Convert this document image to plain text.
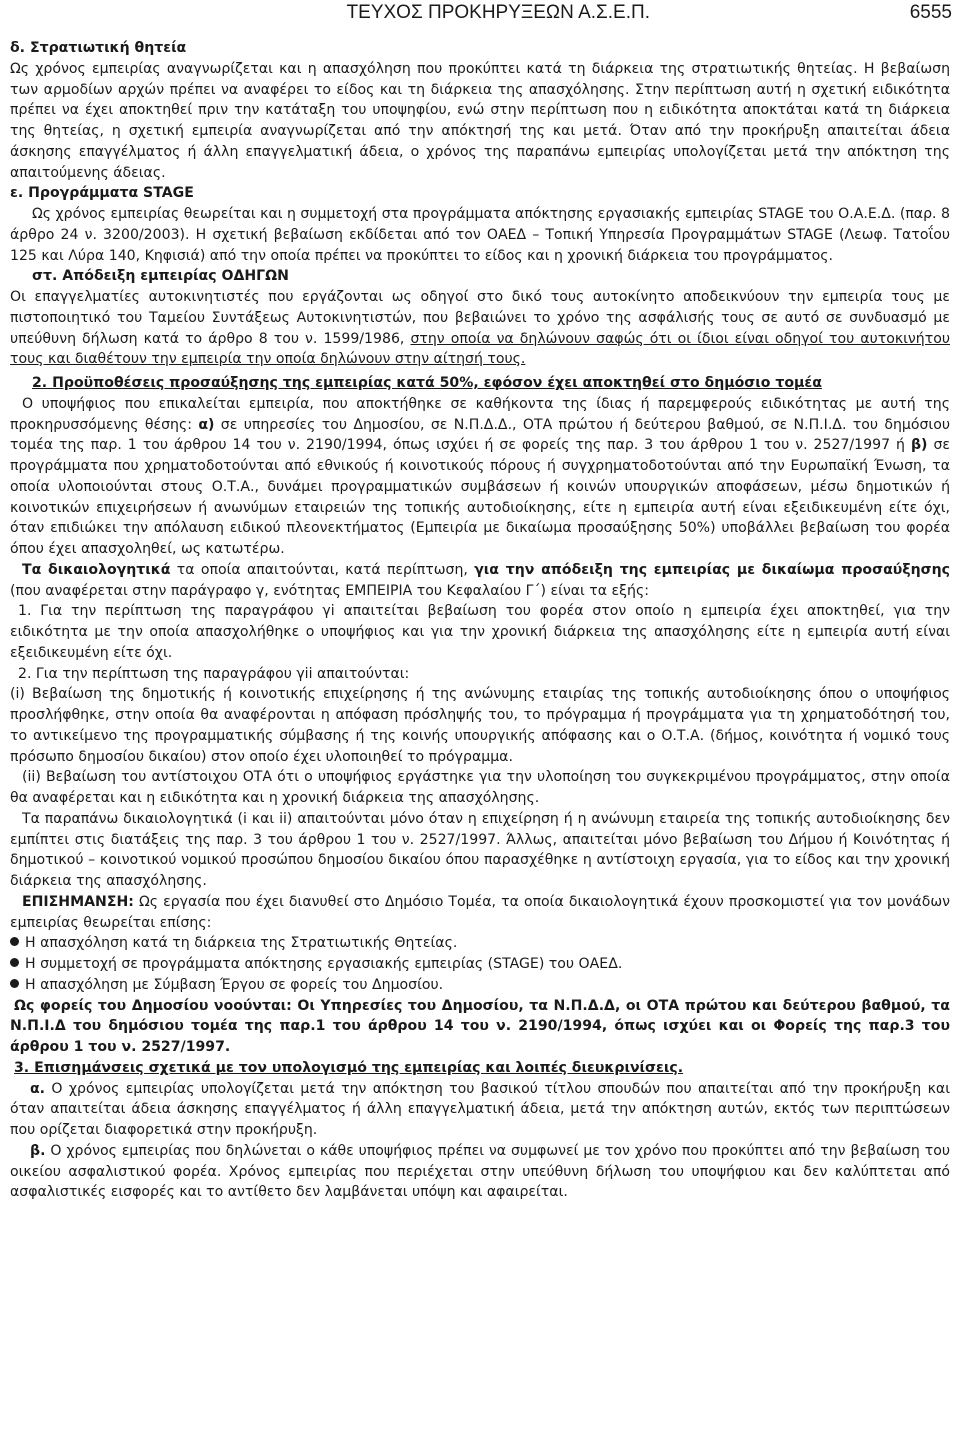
ΤΕΥΧΟΣ ΠΡΟΚΗΡΥΞΕΩΝ Α.Σ.Ε.Π.	6555

δ. Στρατιωτική θητεία

Ως χρόνος εμπειρίας αναγνωρίζεται και η απασχόληση που προκύπτει κατά τη διάρκεια της στρατιωτικής θητείας. Η βεβαίωση των αρμοδίων αρχών πρέπει να αναφέρει το είδος και τη διάρκεια της απασχόλησης. Στην περίπτωση αυτή η σχετική ειδικότητα πρέπει να έχει αποκτηθεί πριν την κατάταξη του υποψηφίου, ενώ στην περίπτωση που η ειδικότητα αποκτάται κατά τη διάρκεια της θητείας, η σχετική εμπειρία αναγνωρίζεται από την απόκτησή της και μετά. Όταν από την προκήρυξη απαιτείται άδεια άσκησης επαγγέλματος ή άλλη επαγγελματική άδεια, ο χρόνος της παραπάνω εμπειρίας υπολογίζεται μετά την απόκτηση της απαιτούμενης άδειας.

ε. Προγράμματα STAGE

Ως χρόνος εμπειρίας θεωρείται και η συμμετοχή στα προγράμματα απόκτησης εργασιακής εμπειρίας STAGE του Ο.Α.Ε.Δ. (παρ. 8 άρθρο 24 ν. 3200/2003). Η σχετική βεβαίωση εκδίδεται από τον ΟΑΕΔ – Τοπική Υπηρεσία Προγραμμάτων STAGE (Λεωφ. Τατοΐου 125 και Λύρα 140, Κηφισιά) από την οποία πρέπει να προκύπτει το είδος και η χρονική διάρκεια του προγράμματος.

στ. Απόδειξη εμπειρίας ΟΔΗΓΩΝ

Οι επαγγελματίες αυτοκινητιστές που εργάζονται ως οδηγοί στο δικό τους αυτοκίνητο αποδεικνύουν την εμπειρία τους με πιστοποιητικό του Ταμείου Συντάξεως Αυτοκινητιστών, που βεβαιώνει το χρόνο της ασφάλισής τους σε αυτό σε συνδυασμό με υπεύθυνη δήλωση κατά το άρθρο 8 του ν. 1599/1986, στην οποία να δηλώνουν σαφώς ότι οι ίδιοι είναι οδηγοί του αυτοκινήτου τους και διαθέτουν την εμπειρία την οποία δηλώνουν στην αίτησή τους.

2. Προϋποθέσεις προσαύξησης της εμπειρίας κατά 50%, εφόσον έχει αποκτηθεί στο δημόσιο τομέα

Ο υποψήφιος που επικαλείται εμπειρία, που αποκτήθηκε σε καθήκοντα της ίδιας ή παρεμφερούς ειδικότητας με αυτή της προκηρυσσόμενης θέσης: α) σε υπηρεσίες του Δημοσίου, σε Ν.Π.Δ.Δ., ΟΤΑ πρώτου ή δεύτερου βαθμού, σε Ν.Π.Ι.Δ. του δημόσιου τομέα της παρ. 1 του άρθρου 14 του ν. 2190/1994, όπως ισχύει ή σε φορείς της παρ. 3 του άρθρου 1 του ν. 2527/1997 ή β) σε προγράμματα που χρηματοδοτούνται από εθνικούς ή κοινοτικούς πόρους ή συγχρηματοδοτούνται από την Ευρωπαϊκή Ένωση, τα οποία υλοποιούνται στους Ο.Τ.Α., δυνάμει προγραμματικών συμβάσεων ή κοινών υπουργικών αποφάσεων, μέσω δημοτικών ή κοινοτικών επιχειρήσεων ή ανωνύμων εταιρειών της τοπικής αυτοδιοίκησης, είτε η εμπειρία αυτή είναι εξειδικευμένη είτε όχι, όταν επιδιώκει την απόλαυση ειδικού πλεονεκτήματος (Εμπειρία με δικαίωμα προσαύξησης 50%) υποβάλλει βεβαίωση του φορέα όπου έχει απασχοληθεί, ως κατωτέρω.

Τα δικαιολογητικά τα οποία απαιτούνται, κατά περίπτωση, για την απόδειξη της εμπειρίας με δικαίωμα προσαύξησης (που αναφέρεται στην παράγραφο γ, ενότητας ΕΜΠΕΙΡΙΑ του Κεφαλαίου Γ΄) είναι τα εξής:

1. Για την περίπτωση της παραγράφου γi απαιτείται βεβαίωση του φορέα στον οποίο η εμπειρία έχει αποκτηθεί, για την ειδικότητα με την οποία απασχολήθηκε ο υποψήφιος και για την χρονική διάρκεια της απασχόλησης είτε η εμπειρία αυτή είναι εξειδικευμένη είτε όχι.

2. Για την περίπτωση της παραγράφου γii απαιτούνται:

(i) Βεβαίωση της δημοτικής ή κοινοτικής επιχείρησης ή της ανώνυμης εταιρίας της τοπικής αυτοδιοίκησης όπου ο υποψήφιος προσλήφθηκε, στην οποία θα αναφέρονται η απόφαση πρόσληψής του, το πρόγραμμα ή προγράμματα για τη χρηματοδότησή του, το αντικείμενο της προγραμματικής σύμβασης ή της κοινής υπουργικής απόφασης και ο Ο.Τ.Α. (δήμος, κοινότητα ή νομικό τους πρόσωπο δημοσίου δικαίου) στον οποίο έχει υλοποιηθεί το πρόγραμμα.

(ii) Βεβαίωση του αντίστοιχου ΟΤΑ ότι ο υποψήφιος εργάστηκε για την υλοποίηση του συγκεκριμένου προγράμματος, στην οποία θα αναφέρεται και η ειδικότητα και η χρονική διάρκεια της απασχόλησης.

Τα παραπάνω δικαιολογητικά (i και ii) απαιτούνται μόνο όταν η επιχείρηση ή η ανώνυμη εταιρεία της τοπικής αυτοδιοίκησης δεν εμπίπτει στις διατάξεις της παρ. 3 του άρθρου 1 του ν. 2527/1997. Άλλως, απαιτείται μόνο βεβαίωση του Δήμου ή Κοινότητας ή δημοτικού – κοινοτικού νομικού προσώπου δημοσίου δικαίου όπου παρασχέθηκε η αντίστοιχη εργασία, για το είδος και την χρονική διάρκεια της απασχόλησης.

ΕΠΙΣΗΜΑΝΣΗ: Ως εργασία που έχει διανυθεί στο Δημόσιο Τομέα, τα οποία δικαιολογητικά έχουν προσκομιστεί για τον μονάδων εμπειρίας θεωρείται επίσης:

Η απασχόληση κατά τη διάρκεια της Στρατιωτικής Θητείας.
Η συμμετοχή σε προγράμματα απόκτησης εργασιακής εμπειρίας (STAGE) του ΟΑΕΔ.
Η απασχόληση με Σύμβαση Έργου σε φορείς του Δημοσίου.

Ως φορείς του Δημοσίου νοούνται: Οι Υπηρεσίες του Δημοσίου, τα Ν.Π.Δ.Δ, οι ΟΤΑ πρώτου και δεύτερου βαθμού, τα Ν.Π.Ι.Δ του δημόσιου τομέα της παρ.1 του άρθρου 14 του ν. 2190/1994, όπως ισχύει και οι Φορείς της παρ.3 του άρθρου 1 του ν. 2527/1997.

3. Επισημάνσεις σχετικά με τον υπολογισμό της εμπειρίας και λοιπές διευκρινίσεις.

α. Ο χρόνος εμπειρίας υπολογίζεται μετά την απόκτηση του βασικού τίτλου σπουδών που απαιτείται από την προκήρυξη και όταν απαιτείται άδεια άσκησης επαγγέλματος ή άλλη επαγγελματική άδεια, μετά την απόκτηση αυτών, εκτός των περιπτώσεων που ορίζεται διαφορετικά στην προκήρυξη.

β. Ο χρόνος εμπειρίας που δηλώνεται ο κάθε υποψήφιος πρέπει να συμφωνεί με τον χρόνο που προκύπτει από την βεβαίωση του οικείου ασφαλιστικού φορέα. Χρόνος εμπειρίας που περιέχεται στην υπεύθυνη δήλωση του υποψήφιου και δεν καλύπτεται από ασφαλιστικές εισφορές και το αντίθετο δεν λαμβάνεται υπόψη και αφαιρείται.
